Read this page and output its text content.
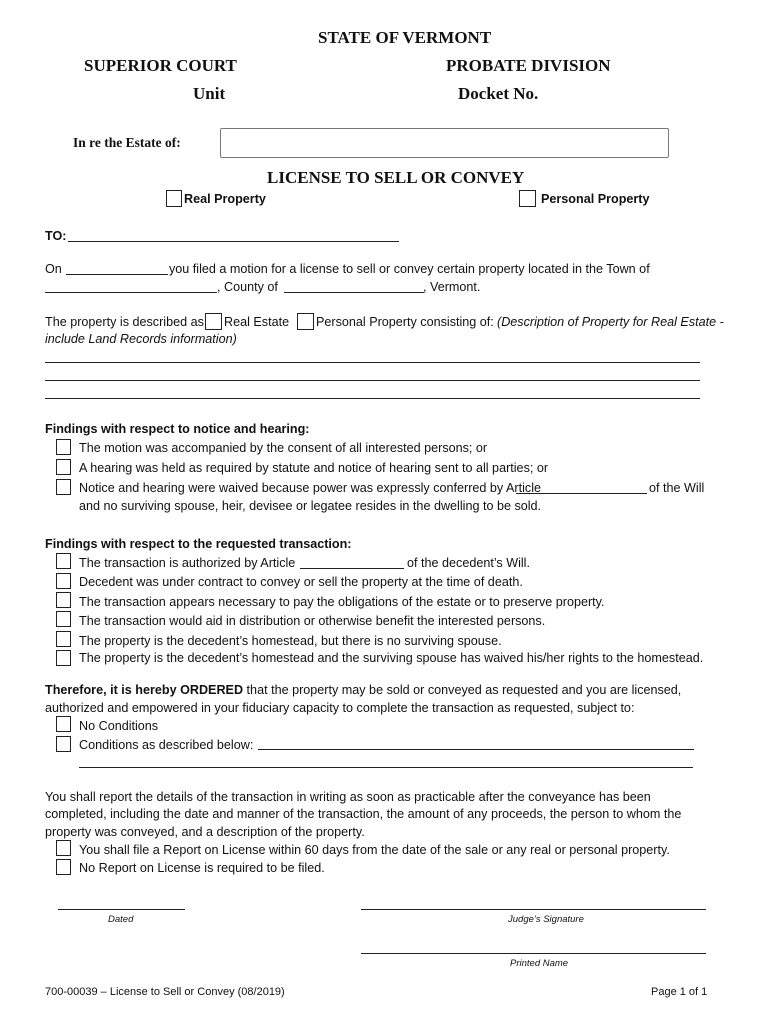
STATE OF VERMONT
SUPERIOR COURT	PROBATE DIVISION
Unit	Docket No.
In re the Estate of:
LICENSE TO SELL OR CONVEY
Real Property	Personal Property
TO:
On	you filed a motion for a license to sell or convey certain property located in the Town of
, County of	, Vermont.
The property is described as Real Estate Personal Property consisting of: (Description of Property for Real Estate -
include Land Records information)
Findings with respect to notice and hearing:
The motion was accompanied by the consent of all interested persons; or
A hearing was held as required by statute and notice of hearing sent to all parties; or
Notice and hearing were waived because power was expressly conferred by Article	of the Will
and no surviving spouse, heir, devisee or legatee resides in the dwelling to be sold.
Findings with respect to the requested transaction:
The transaction is authorized by Article	of the decedent’s Will.
Decedent was under contract to convey or sell the property at the time of death.
The transaction appears necessary to pay the obligations of the estate or to preserve property.
The transaction would aid in distribution or otherwise benefit the interested persons.
The property is the decedent’s homestead, but there is no surviving spouse.
The property is the decedent’s homestead and the surviving spouse has waived his/her rights to the homestead.
Therefore, it is hereby ORDERED that the property may be sold or conveyed as requested and you are licensed,
authorized and empowered in your fiduciary capacity to complete the transaction as requested, subject to:
No Conditions
Conditions as described below:
You shall report the details of the transaction in writing as soon as practicable after the conveyance has been
completed, including the date and manner of the transaction, the amount of any proceeds, the person to whom the
property was conveyed, and a description of the property.
You shall file a Report on License within 60 days from the date of the sale or any real or personal property.
No Report on License is required to be filed.
Dated	Judge’s Signature
Printed Name
700-00039 – License to Sell or Convey (08/2019)	Page 1 of 1
